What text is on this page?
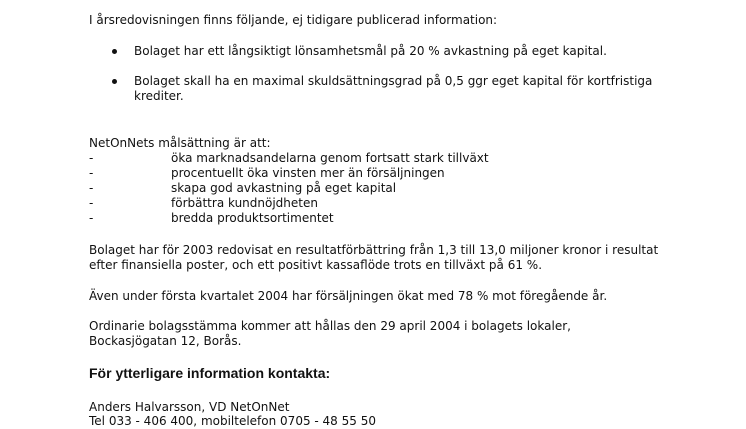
I årsredovisningen finns följande, ej tidigare publicerad information:

Bolaget har ett långsiktigt lönsamhetsmål på 20 % avkastning på eget kapital.
Bolaget skall ha en maximal skuldsättningsgrad på 0,5 ggr eget kapital för kortfristiga krediter.

NetOnNets målsättning är att:

-	öka marknadsandelarna genom fortsatt stark tillväxt
-	procentuellt öka vinsten mer än försäljningen
-	skapa god avkastning på eget kapital
-	förbättra kundnöjdheten
-	bredda produktsortimentet

Bolaget har för 2003 redovisat en resultatförbättring från 1,3 till 13,0 miljoner kronor i resultat efter finansiella poster, och ett positivt kassaflöde trots en tillväxt på 61 %.

Även under första kvartalet 2004 har försäljningen ökat med 78 % mot föregående år.

Ordinarie bolagsstämma kommer att hållas den 29 april 2004 i bolagets lokaler, Bockasjögatan 12, Borås.

För ytterligare information kontakta:

Anders Halvarsson, VD NetOnNet

Tel 033 - 406 400, mobiltelefon 0705 - 48 55 50
